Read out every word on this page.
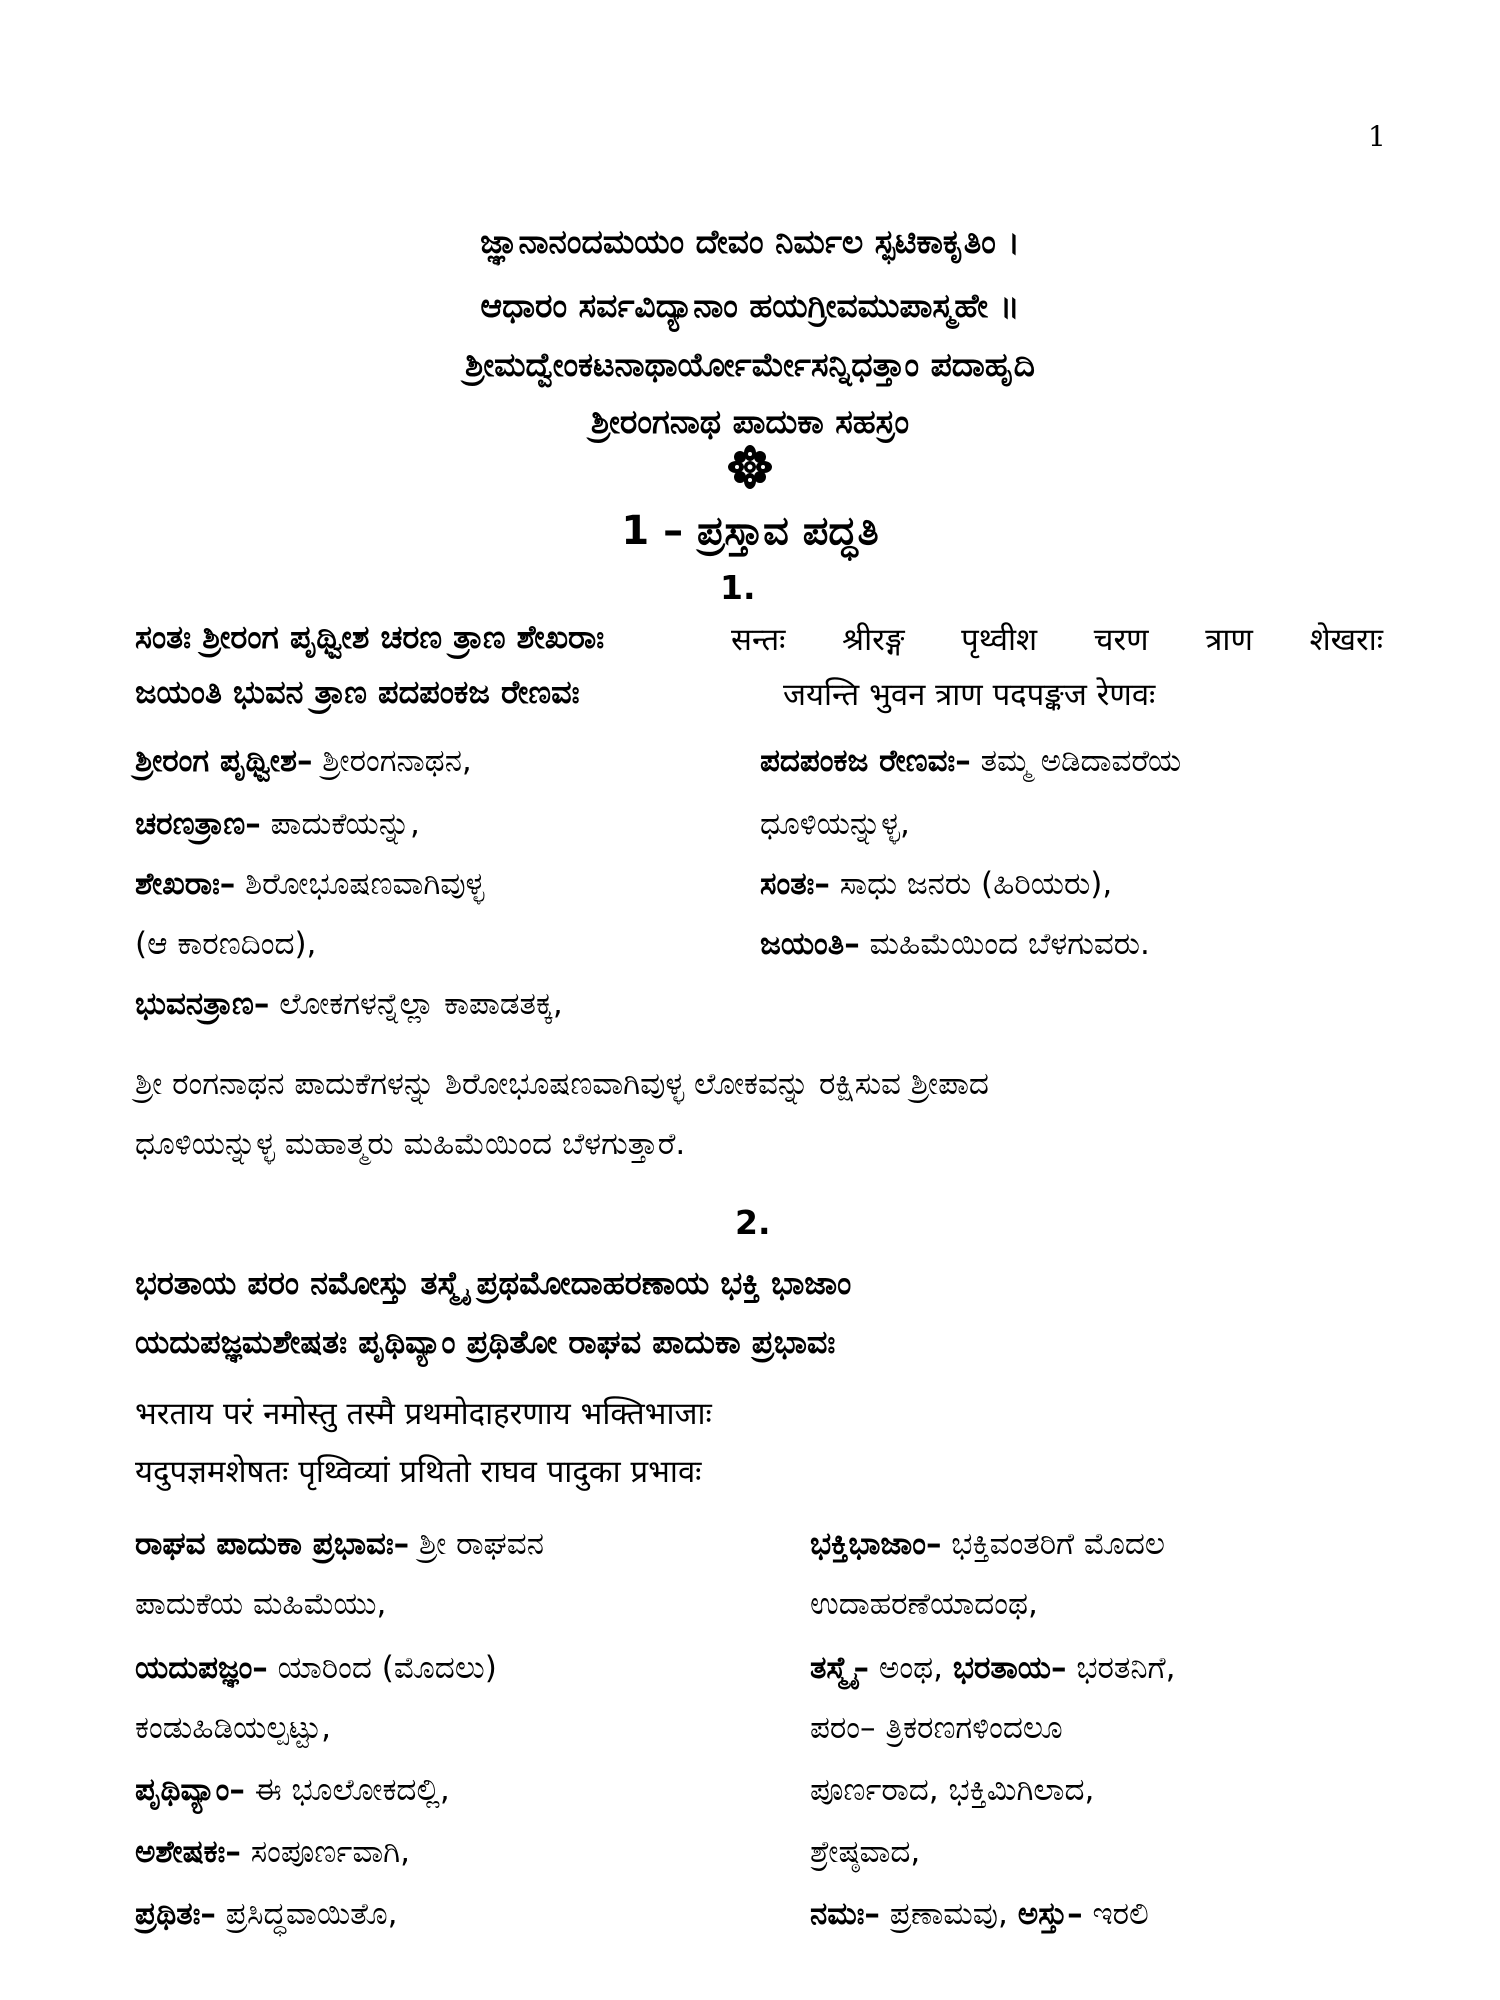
1
ಜ್ಞಾನಾನಂದಮಯಂ ದೇವಂ ನಿರ್ಮಲ ಸ್ಫಟಿಕಾಕೃತಿಂ ।
ಆಧಾರಂ ಸರ್ವವಿದ್ಯಾನಾಂ ಹಯಗ್ರೀವಮುಪಾಸ್ಮಹೇ ॥
ಶ್ರೀಮದ್ವೇಂಕಟನಾಥಾರ್ಯೋರ್ಮೇಸನ್ನಿಧತ್ತಾಂ ಪದಾಹೃದಿ
ಶ್ರೀರಂಗನಾಥ ಪಾದುಕಾ ಸಹಸ್ರಂ
1 – ಪ್ರಸ್ತಾವ ಪದ್ಧತಿ
1.
ಸಂತಃ ಶ್ರೀರಂಗ ಪೃಥ್ವೀಶ ಚರಣ ತ್ರಾಣ ಶೇಖರಾಃ	सन्तः श्रीरङ्ग पृथ्वीश चरण त्राण शेखराः
ಜಯಂತಿ ಭುವನ ತ್ರಾಣ ಪದಪಂಕಜ ರೇಣವಃ	जयन्ति भुवन त्राण पदपङ्कज रेणवः
ಶ್ರೀರಂಗ ಪೃಥ್ವೀಶ– ಶ್ರೀರಂಗನಾಥನ,
ಚರಣತ್ರಾಣ– ಪಾದುಕೆಯನ್ನು,
ಶೇಖರಾಃ– ಶಿರೋಭೂಷಣವಾಗಿವುಳ್ಳ
(ಆ ಕಾರಣದಿಂದ),
ಭುವನತ್ರಾಣ– ಲೋಕಗಳನ್ನೆಲ್ಲಾ ಕಾಪಾಡತಕ್ಕ,
ಪದಪಂಕಜ ರೇಣವಃ– ತಮ್ಮ ಅಡಿದಾವರೆಯ
ಧೂಳಿಯನ್ನುಳ್ಳ,
ಸಂತಃ– ಸಾಧು ಜನರು (ಹಿರಿಯರು),
ಜಯಂತಿ– ಮಹಿಮೆಯಿಂದ ಬೆಳಗುವರು.
ಶ್ರೀ ರಂಗನಾಥನ ಪಾದುಕೆಗಳನ್ನು ಶಿರೋಭೂಷಣವಾಗಿವುಳ್ಳ ಲೋಕವನ್ನು ರಕ್ಷಿಸುವ ಶ್ರೀಪಾದ
ಧೂಳಿಯನ್ನುಳ್ಳ ಮಹಾತ್ಮರು ಮಹಿಮೆಯಿಂದ ಬೆಳಗುತ್ತಾರೆ.
2.
ಭರತಾಯ ಪರಂ ನಮೋಸ್ತು ತಸ್ಮೈ ಪ್ರಥಮೋದಾಹರಣಾಯ ಭಕ್ತಿ ಭಾಜಾಂ
ಯದುಪಜ್ಞಮಶೇಷತಃ ಪೃಥಿವ್ಯಾಂ ಪ್ರಥಿತೋ ರಾಘವ ಪಾದುಕಾ ಪ್ರಭಾವಃ
भरताय परं नमोस्तु तस्मै प्रथमोदाहरणाय भक्तिभाजाः
यदुपज्ञमशेषतः पृथ्विव्यां प्रथितो राघव पादुका प्रभावः
ರಾಘವ ಪಾದುಕಾ ಪ್ರಭಾವಃ– ಶ್ರೀ ರಾಘವನ
ಪಾದುಕೆಯ ಮಹಿಮೆಯು,
ಯದುಪಜ್ಞಂ– ಯಾರಿಂದ (ಮೊದಲು)
ಕಂಡುಹಿಡಿಯಲ್ಪಟ್ಟು,
ಪೃಥಿವ್ಯಾಂ– ಈ ಭೂಲೋಕದಲ್ಲಿ,
ಅಶೇಷಕಃ– ಸಂಪೂರ್ಣವಾಗಿ,
ಪ್ರಥಿತಃ– ಪ್ರಸಿದ್ಧವಾಯಿತೊ,
ಭಕ್ತಿಭಾಜಾಂ– ಭಕ್ತಿವಂತರಿಗೆ ಮೊದಲ
ಉದಾಹರಣೆಯಾದಂಥ,
ತಸ್ಮೈ– ಅಂಥ, ಭರತಾಯ– ಭರತನಿಗೆ,
ಪರಂ– ತ್ರಿಕರಣಗಳಿಂದಲೂ
ಪೂರ್ಣರಾದ, ಭಕ್ತಿಮಿಗಿಲಾದ,
ಶ್ರೇಷ್ಠವಾದ,
ನಮಃ– ಪ್ರಣಾಮವು, ಅಸ್ತು– ಇರಲಿ
